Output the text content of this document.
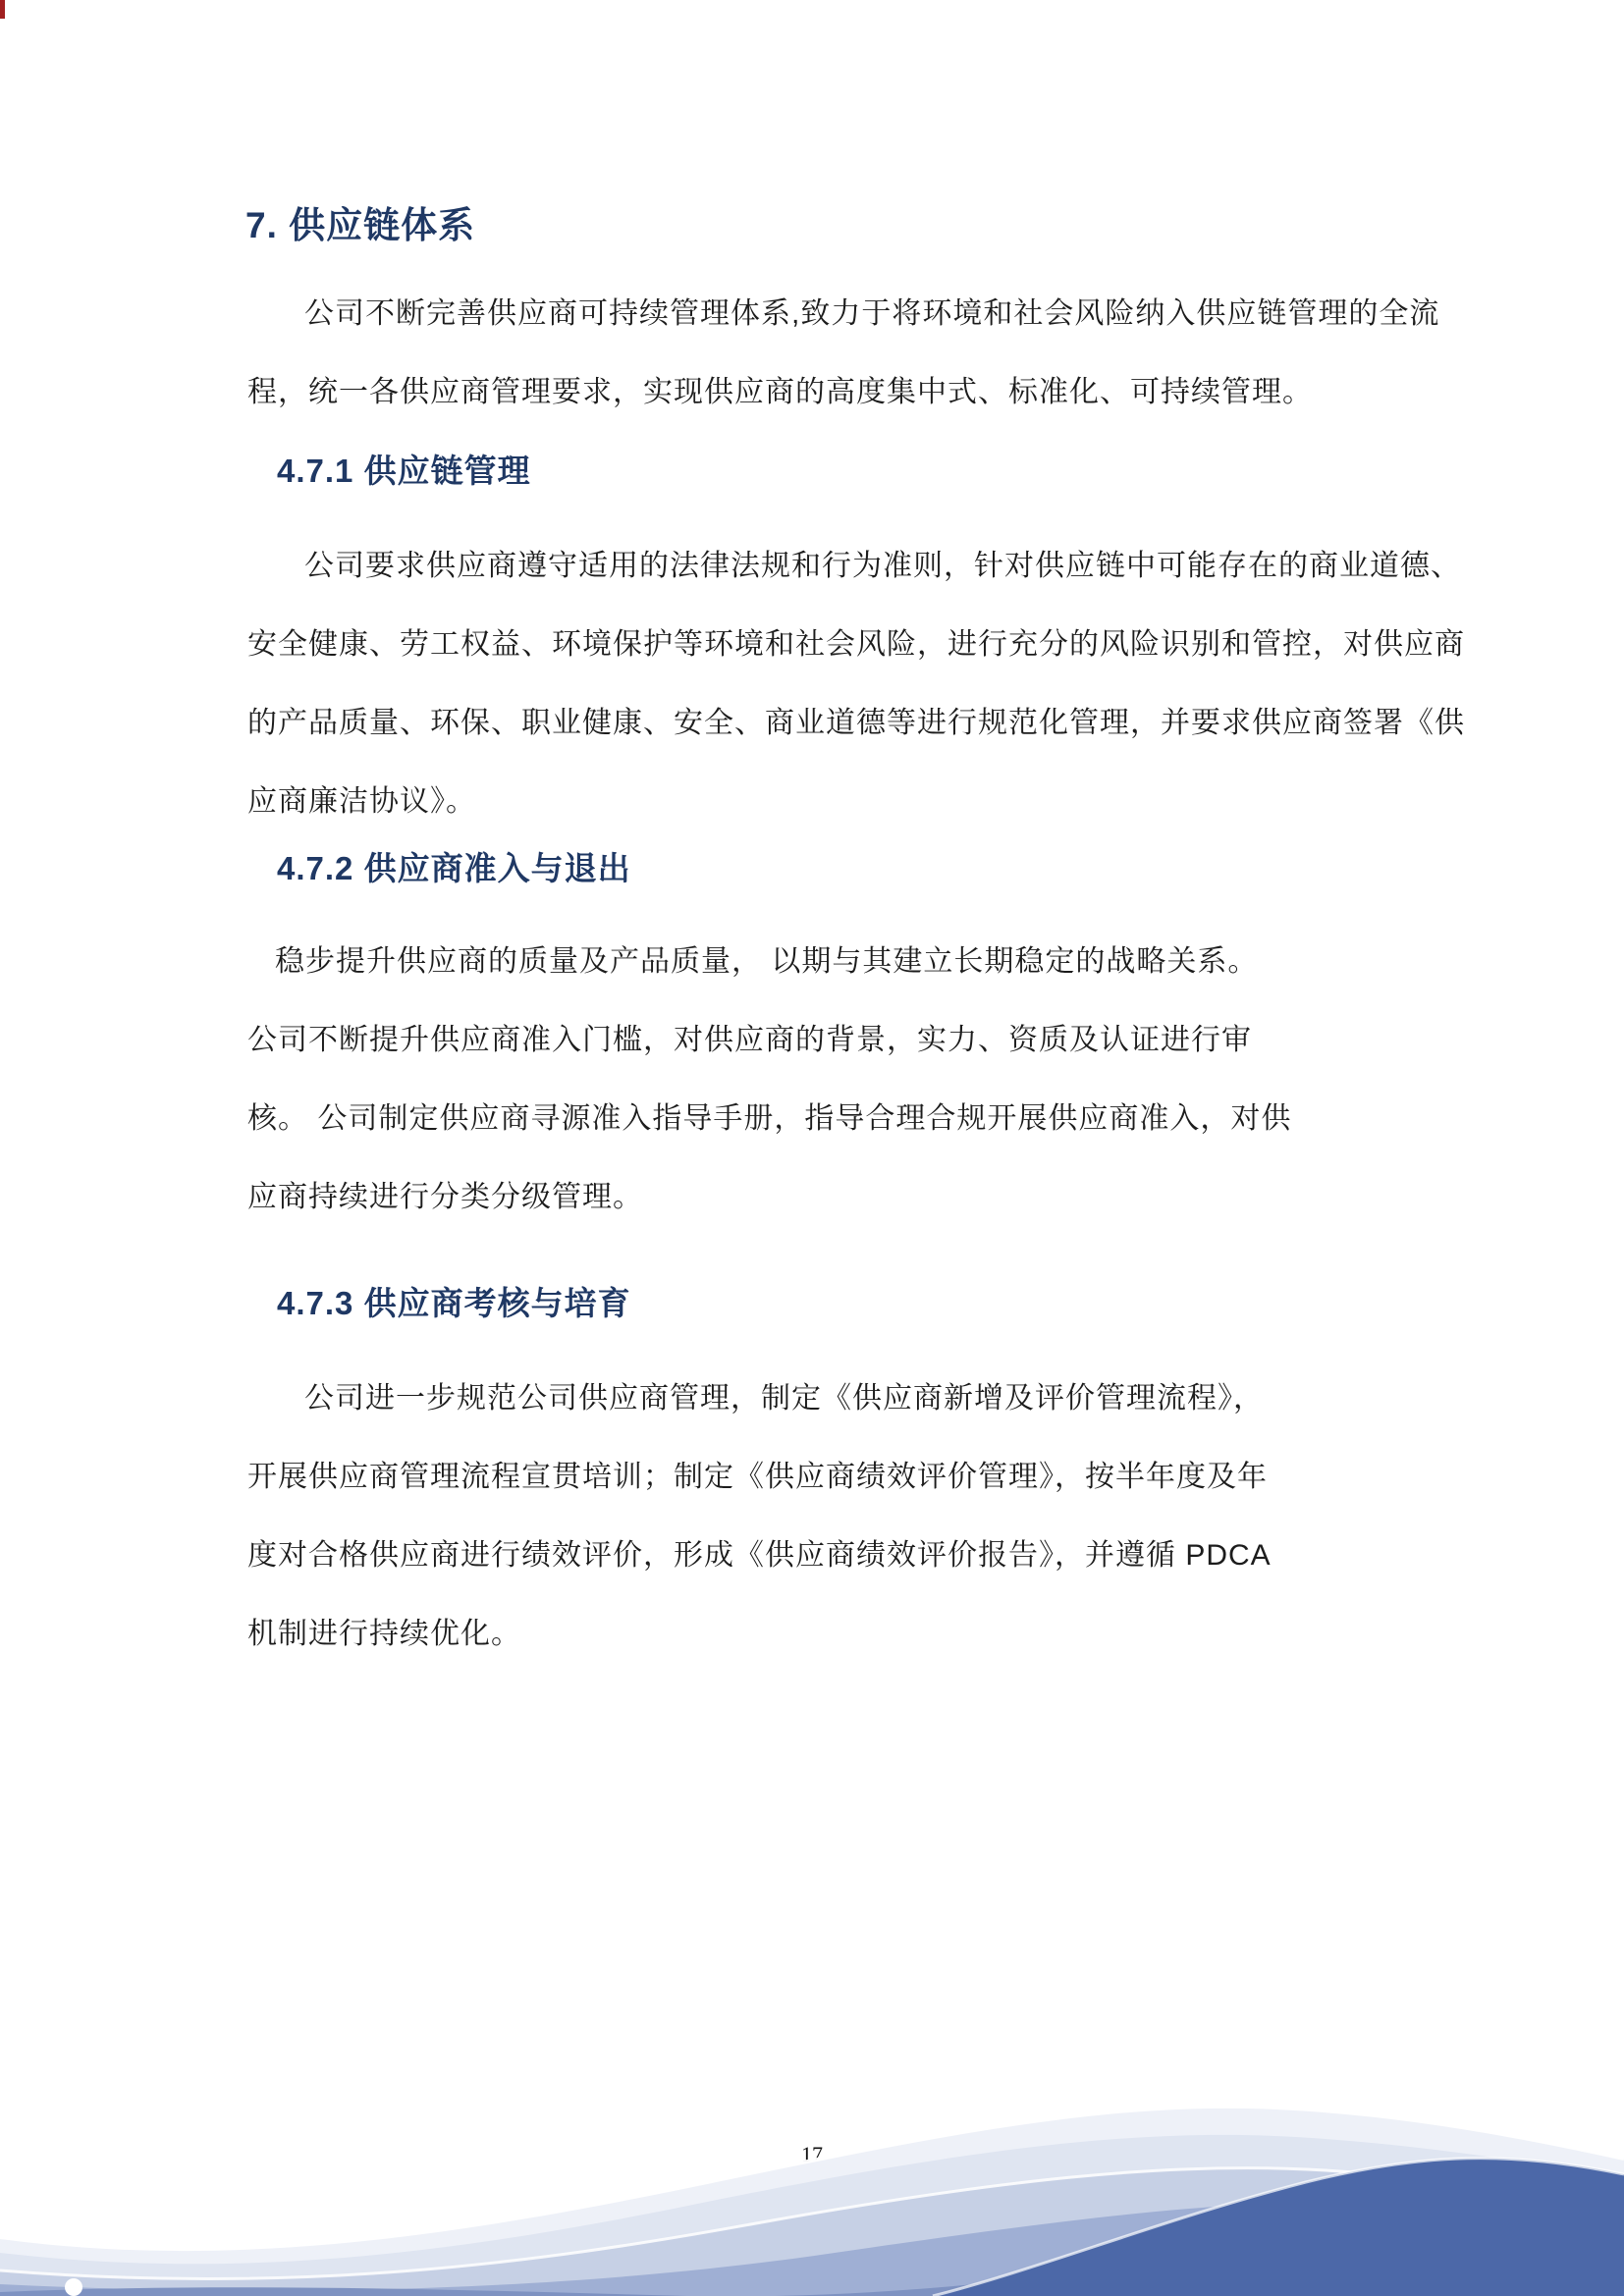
7. 供应链体系
公司不断完善供应商可持续管理体系,致力于将环境和社会风险纳入供应链管理的全流
程，统一各供应商管理要求，实现供应商的高度集中式、标准化、可持续管理。
4.7.1 供应链管理
公司要求供应商遵守适用的法律法规和行为准则，针对供应链中可能存在的商业道德、
安全健康、劳工权益、环境保护等环境和社会风险，进行充分的风险识别和管控，对供应商
的产品质量、环保、职业健康、安全、商业道德等进行规范化管理，并要求供应商签署《供
应商廉洁协议》。
4.7.2 供应商准入与退出
稳步提升供应商的质量及产品质量， 以期与其建立长期稳定的战略关系。
公司不断提升供应商准入门槛，对供应商的背景，实力、资质及认证进行审
核。 公司制定供应商寻源准入指导手册，指导合理合规开展供应商准入，对供
应商持续进行分类分级管理。
4.7.3 供应商考核与培育
公司进一步规范公司供应商管理，制定《供应商新增及评价管理流程》，
开展供应商管理流程宣贯培训；制定《供应商绩效评价管理》，按半年度及年
度对合格供应商进行绩效评价，形成《供应商绩效评价报告》，并遵循 PDCA
机制进行持续优化。
17
